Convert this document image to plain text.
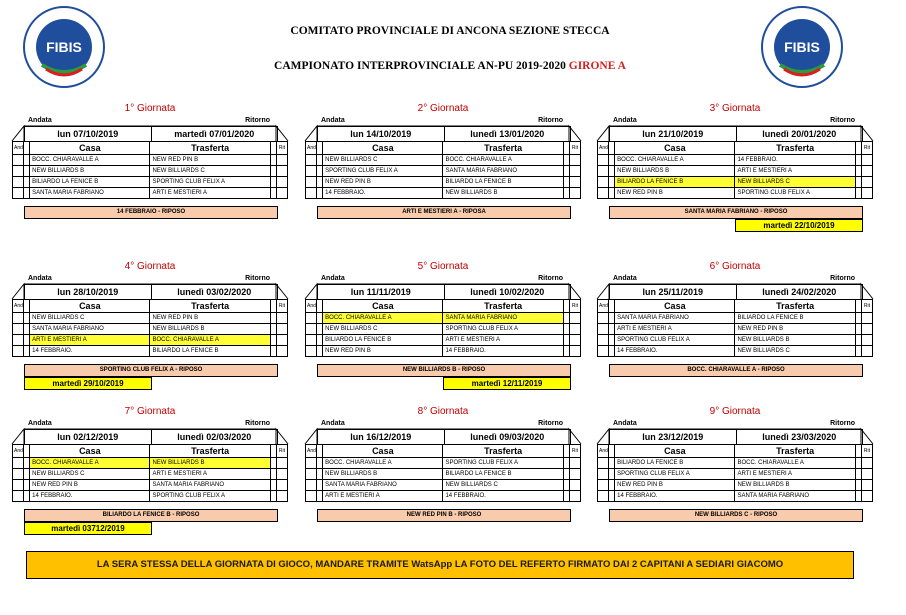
FIBIS	FIBIS
COMITATO PROVINCIALE DI ANCONA SEZIONE STECCA
CAMPIONATO INTERPROVINCIALE AN-PU 2019-2020 GIRONE A
1° Giornata
Andata	Ritorno
lun 07/10/2019	martedì 07/01/2020
And		Casa	Trasferta		Rit
		BOCC. CHIARAVALLE A	NEW RED PIN B		
		NEW BILLIARDS B	NEW BILLIARDS C		
		BILIARDO LA FENICE B	SPORTING CLUB FELIX A		
		SANTA MARIA FABRIANO	ARTI E MESTIERI A		
14 FEBBRAIO - RIPOSO
2° Giornata
Andata	Ritorno
lun 14/10/2019	lunedì 13/01/2020
And		Casa	Trasferta		Rit
		NEW BILLIARDS C	BOCC. CHIARAVALLE A		
		SPORTING CLUB FELIX A	SANTA MARIA FABRIANO		
		NEW RED PIN B	BILIARDO LA FENICE B		
		14 FEBBRAIO.	NEW BILLIARDS B		
ARTI E MESTIERI A - RIPOSA
3° Giornata
Andata	Ritorno
lun 21/10/2019	lunedì 20/01/2020
And		Casa	Trasferta		Rit
		BOCC. CHIARAVALLE A	14 FEBBRAIO.		
		NEW BILLIARDS B	ARTI E MESTIERI A		
		BILIARDO LA FENICE B	NEW BILLIARDS C		
		NEW RED PIN B	SPORTING CLUB FELIX A		
SANTA MARIA FABRIANO - RIPOSO
martedì 22/10/2019
4° Giornata
Andata	Ritorno
lun 28/10/2019	lunedì 03/02/2020
And		Casa	Trasferta		Rit
		NEW BILLIARDS C	NEW RED PIN B		
		SANTA MARIA FABRIANO	NEW BILLIARDS B		
		ARTI E MESTIERI A	BOCC. CHIARAVALLE A		
		14 FEBBRAIO.	BILIARDO LA FENICE B		
SPORTING CLUB FELIX A - RIPOSO
martedì 29/10/2019
5° Giornata
Andata	Ritorno
lun 11/11/2019	lunedì 10/02/2020
And		Casa	Trasferta		Rit
		BOCC. CHIARAVALLE A	SANTA MARIA FABRIANO		
		NEW BILLIARDS C	SPORTING CLUB FELIX A		
		BILIARDO LA FENICE B	ARTI E MESTIERI A		
		NEW RED PIN B	14 FEBBRAIO.		
NEW BILLIARDS B - RIPOSO
martedì 12/11/2019
6° Giornata
Andata	Ritorno
lun 25/11/2019	lunedì 24/02/2020
And		Casa	Trasferta		Rit
		SANTA MARIA FABRIANO	BILIARDO LA FENICE B		
		ARTI E MESTIERI A	NEW RED PIN B		
		SPORTING CLUB FELIX A	NEW BILLIARDS B		
		14 FEBBRAIO.	NEW BILLIARDS C		
BOCC. CHIARAVALLE A - RIPOSO
7° Giornata
Andata	Ritorno
lun 02/12/2019	lunedì 02/03/2020
And		Casa	Trasferta		Rit
		BOCC. CHIARAVALLE A	NEW BILLIARDS B		
		NEW BILLIARDS C	ARTI E MESTIERI A		
		NEW RED PIN B	SANTA MARIA FABRIANO		
		14 FEBBRAIO.	SPORTING CLUB FELIX A		
BILIARDO LA FENICE B - RIPOSO
martedì 03712/2019
8° Giornata
Andata	Ritorno
lun 16/12/2019	lunedì 09/03/2020
And		Casa	Trasferta		Rit
		BOCC. CHIARAVALLE A	SPORTING CLUB FELIX A		
		NEW BILLIARDS B	BILIARDO LA FENICE B		
		SANTA MARIA FABRIANO	NEW BILLIARDS C		
		ARTI E MESTIERI A	14 FEBBRAIO.		
NEW RED PIN B - RIPOSO
9° Giornata
Andata	Ritorno
lun 23/12/2019	lunedì 23/03/2020
And		Casa	Trasferta		Rit
		BILIARDO LA FENICE B	BOCC. CHIARAVALLE A		
		SPORTING CLUB FELIX A	ARTI E MESTIERI A		
		NEW RED PIN B	NEW BILLIARDS B		
		14 FEBBRAIO.	SANTA MARIA FABRIANO		
NEW BILLIARDS C - RIPOSO
LA SERA STESSA DELLA GIORNATA DI GIOCO, MANDARE TRAMITE WatsApp LA FOTO DEL REFERTO FIRMATO DAI 2 CAPITANI A SEDIARI GIACOMO
